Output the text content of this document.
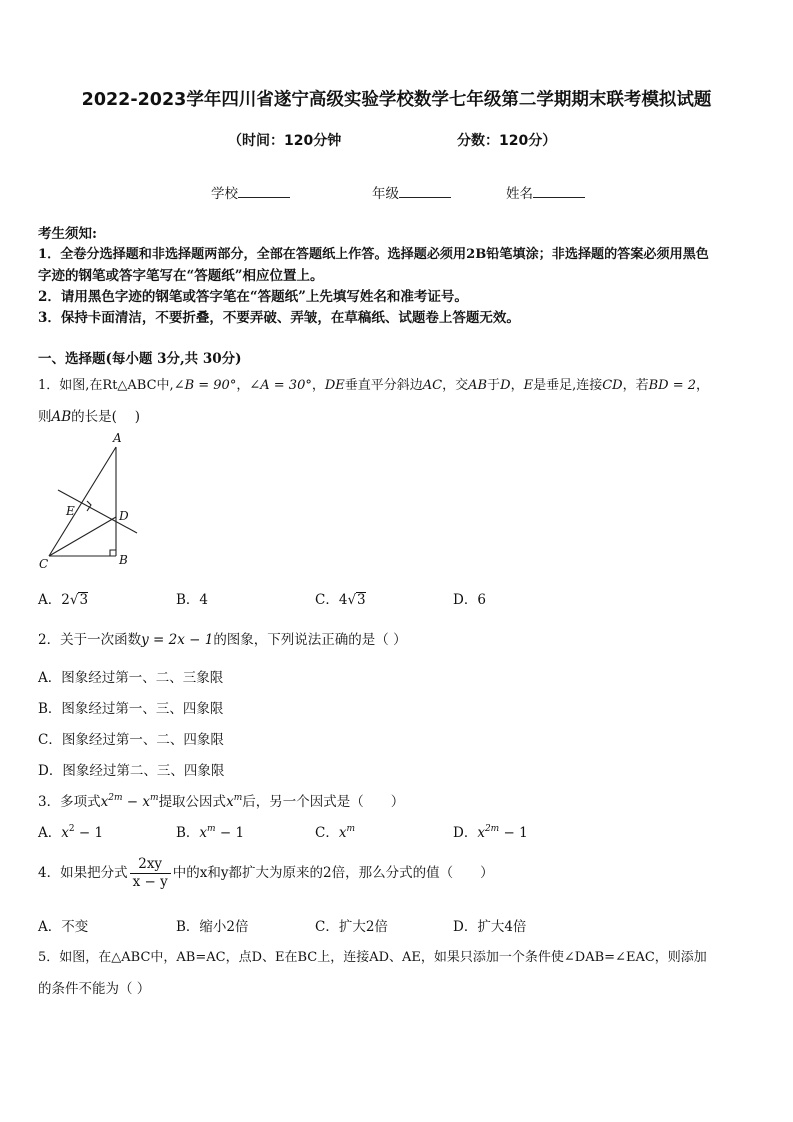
2022-2023学年四川省遂宁高级实验学校数学七年级第二学期期末联考模拟试题
（时间：120分钟	分数：120分）
学校	年级	姓名
考生须知:
1．全卷分选择题和非选择题两部分，全部在答题纸上作答。选择题必须用2B铅笔填涂；非选择题的答案必须用黑色
字迹的钢笔或答字笔写在“答题纸”相应位置上。
2．请用黑色字迹的钢笔或答字笔在“答题纸”上先填写姓名和准考证号。
3．保持卡面清洁，不要折叠，不要弄破、弄皱，在草稿纸、试题卷上答题无效。
一、选择题(每小题 3分,共 30分)
1．如图,在Rt△ABC中,∠B = 90°，∠A = 30°，DE垂直平分斜边AC，交AB于D，E是垂足,连接CD，若BD = 2，
则AB的长是(　 )
A
B
C
D
E
A．2√3	B．4	C．4√3	D．6
2．关于一次函数y = 2x − 1的图象，下列说法正确的是（ ）
A．图象经过第一、二、三象限
B．图象经过第一、三、四象限
C．图象经过第一、二、四象限
D．图象经过第二、三、四象限
3．多项式$x^{2m} - x^m$提取公因式$x^m$后，另一个因式是（　　）
A．$x^2 - 1$	B．$x^m - 1$	C．$x^m$	D．$x^{2m} - 1$
4．如果把分式 $\frac{2xy}{x - y}$ 中的x和y都扩大为原来的2倍，那么分式的值（　　）
A．不变	B．缩小2倍	C．扩大2倍	D．扩大4倍
5．如图，在△ABC中，AB=AC，点D、E在BC上，连接AD、AE，如果只添加一个条件使∠DAB=∠EAC，则添加
的条件不能为（ ）
